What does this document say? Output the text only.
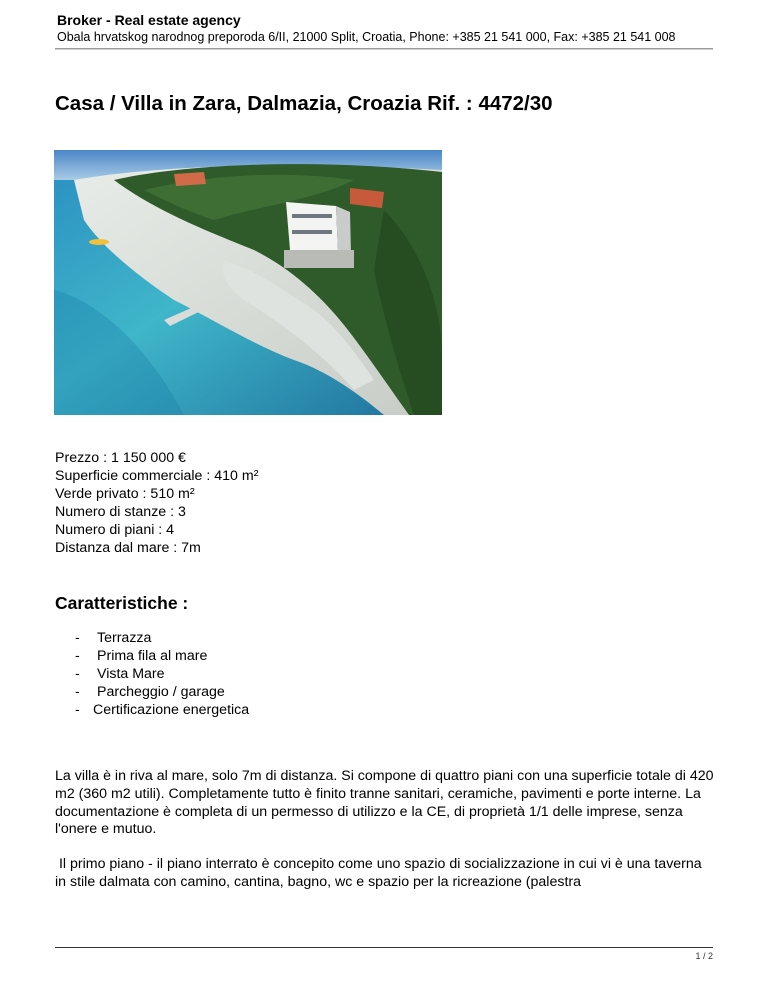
Broker - Real estate agency
Obala hrvatskog narodnog preporoda 6/II, 21000 Split, Croatia, Phone: +385 21 541 000, Fax: +385 21 541 008
Casa / Villa in Zara, Dalmazia, Croazia Rif. : 4472/30
Prezzo : 1 150 000 €
Superficie commerciale : 410 m²
Verde privato : 510 m²
Numero di stanze : 3
Numero di piani : 4
Distanza dal mare : 7m
Caratteristiche :
- Terrazza
- Prima fila al mare
- Vista Mare
- Parcheggio / garage
- Certificazione energetica

La villa è in riva al mare, solo 7m di distanza. Si compone di quattro piani con una superficie totale di 420 m2 (360 m2 utili). Completamente tutto è finito tranne sanitari, ceramiche, pavimenti e porte interne. La documentazione è completa di un permesso di utilizzo e la CE, di proprietà 1/1 delle imprese, senza l'onere e mutuo.

Il primo piano - il piano interrato è concepito come uno spazio di socializzazione in cui vi è una taverna in stile dalmata con camino, cantina, bagno, wc e spazio per la ricreazione (palestra

1 / 2
